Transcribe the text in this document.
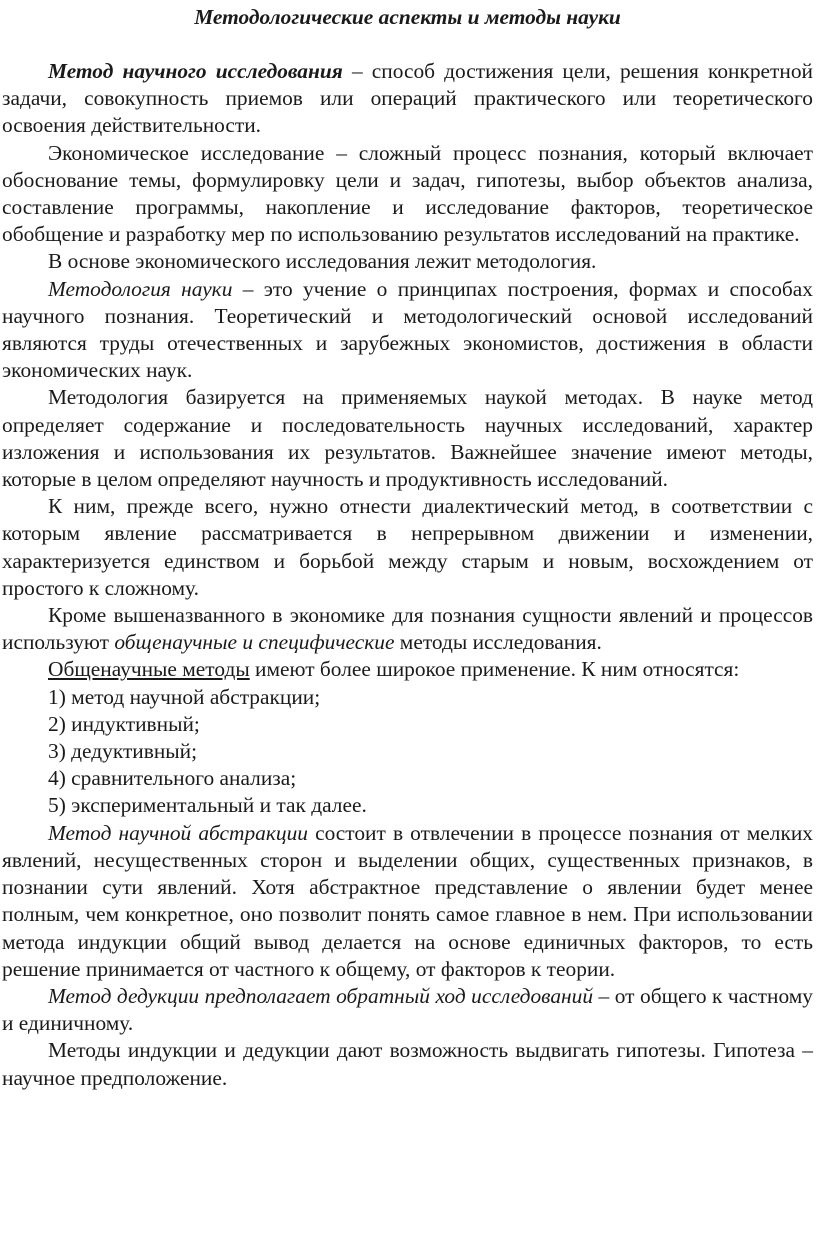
Методологические аспекты и методы науки

Метод научного исследования – способ достижения цели, решения конкретной задачи, совокупность приемов или операций практического или теоретического освоения действительности.

Экономическое исследование – сложный процесс познания, который включает обоснование темы, формулировку цели и задач, гипотезы, выбор объектов анализа, составление программы, накопление и исследование факторов, теоретическое обобщение и разработку мер по использованию результатов исследований на практике.

В основе экономического исследования лежит методология.

Методология науки – это учение о принципах построения, формах и способах научного познания. Теоретический и методологический основой исследований являются труды отечественных и зарубежных экономистов, достижения в области экономических наук.

Методология базируется на применяемых наукой методах. В науке метод определяет содержание и последовательность научных исследований, характер изложения и использования их результатов. Важнейшее значение имеют методы, которые в целом определяют научность и продуктивность исследований.

К ним, прежде всего, нужно отнести диалектический метод, в соответствии с которым явление рассматривается в непрерывном движении и изменении, характеризуется единством и борьбой между старым и новым, восхождением от простого к сложному.

Кроме вышеназванного в экономике для познания сущности явлений и процессов используют общенаучные и специфические методы исследования.

Общенаучные методы имеют более широкое применение. К ним относятся:

1) метод научной абстракции;

2) индуктивный;

3) дедуктивный;

4) сравнительного анализа;

5) экспериментальный и так далее.

Метод научной абстракции состоит в отвлечении в процессе познания от мелких явлений, несущественных сторон и выделении общих, существенных признаков, в познании сути явлений. Хотя абстрактное представление о явлении будет менее полным, чем конкретное, оно позволит понять самое главное в нем. При использовании метода индукции общий вывод делается на основе единичных факторов, то есть решение принимается от частного к общему, от факторов к теории.

Метод дедукции предполагает обратный ход исследований – от общего к частному и единичному.

Методы индукции и дедукции дают возможность выдвигать гипотезы. Гипотеза – научное предположение.
